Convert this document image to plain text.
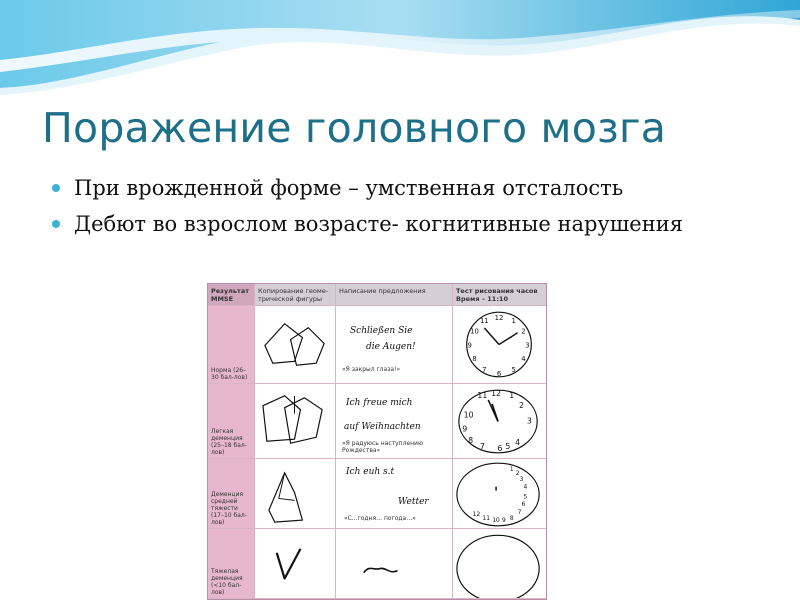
Поражение головного мозга
При врожденной форме – умственная отсталость
Дебют во взрослом возрасте- когнитивные нарушения
Результат MMSE
Копирование геоме-трической фигуры
Написание предложения	Тест рисования часов Время – 11:10
Норма (26–30 бал-лов)
Schließen Sie
die Augen!
«Я закрыл глаза!»
12 1
2
3
4
5
6
7
8
9
10
11
Легкая деменция (25–18 бал-лов)
Ich freue mich
auf Weihnachten
«Я радуюсь наступлению Рождества»
11 12 1
2
3
10
9
8
7 6 5 4
Деменция средней тяжести (17–10 бал-лов)
Ich euh s.t
Wetter
«С...годня… погода…»
1
2
3
4
5
6
7
8
9
10
11
12
Тяжелая деменция (<10 бал-лов)
